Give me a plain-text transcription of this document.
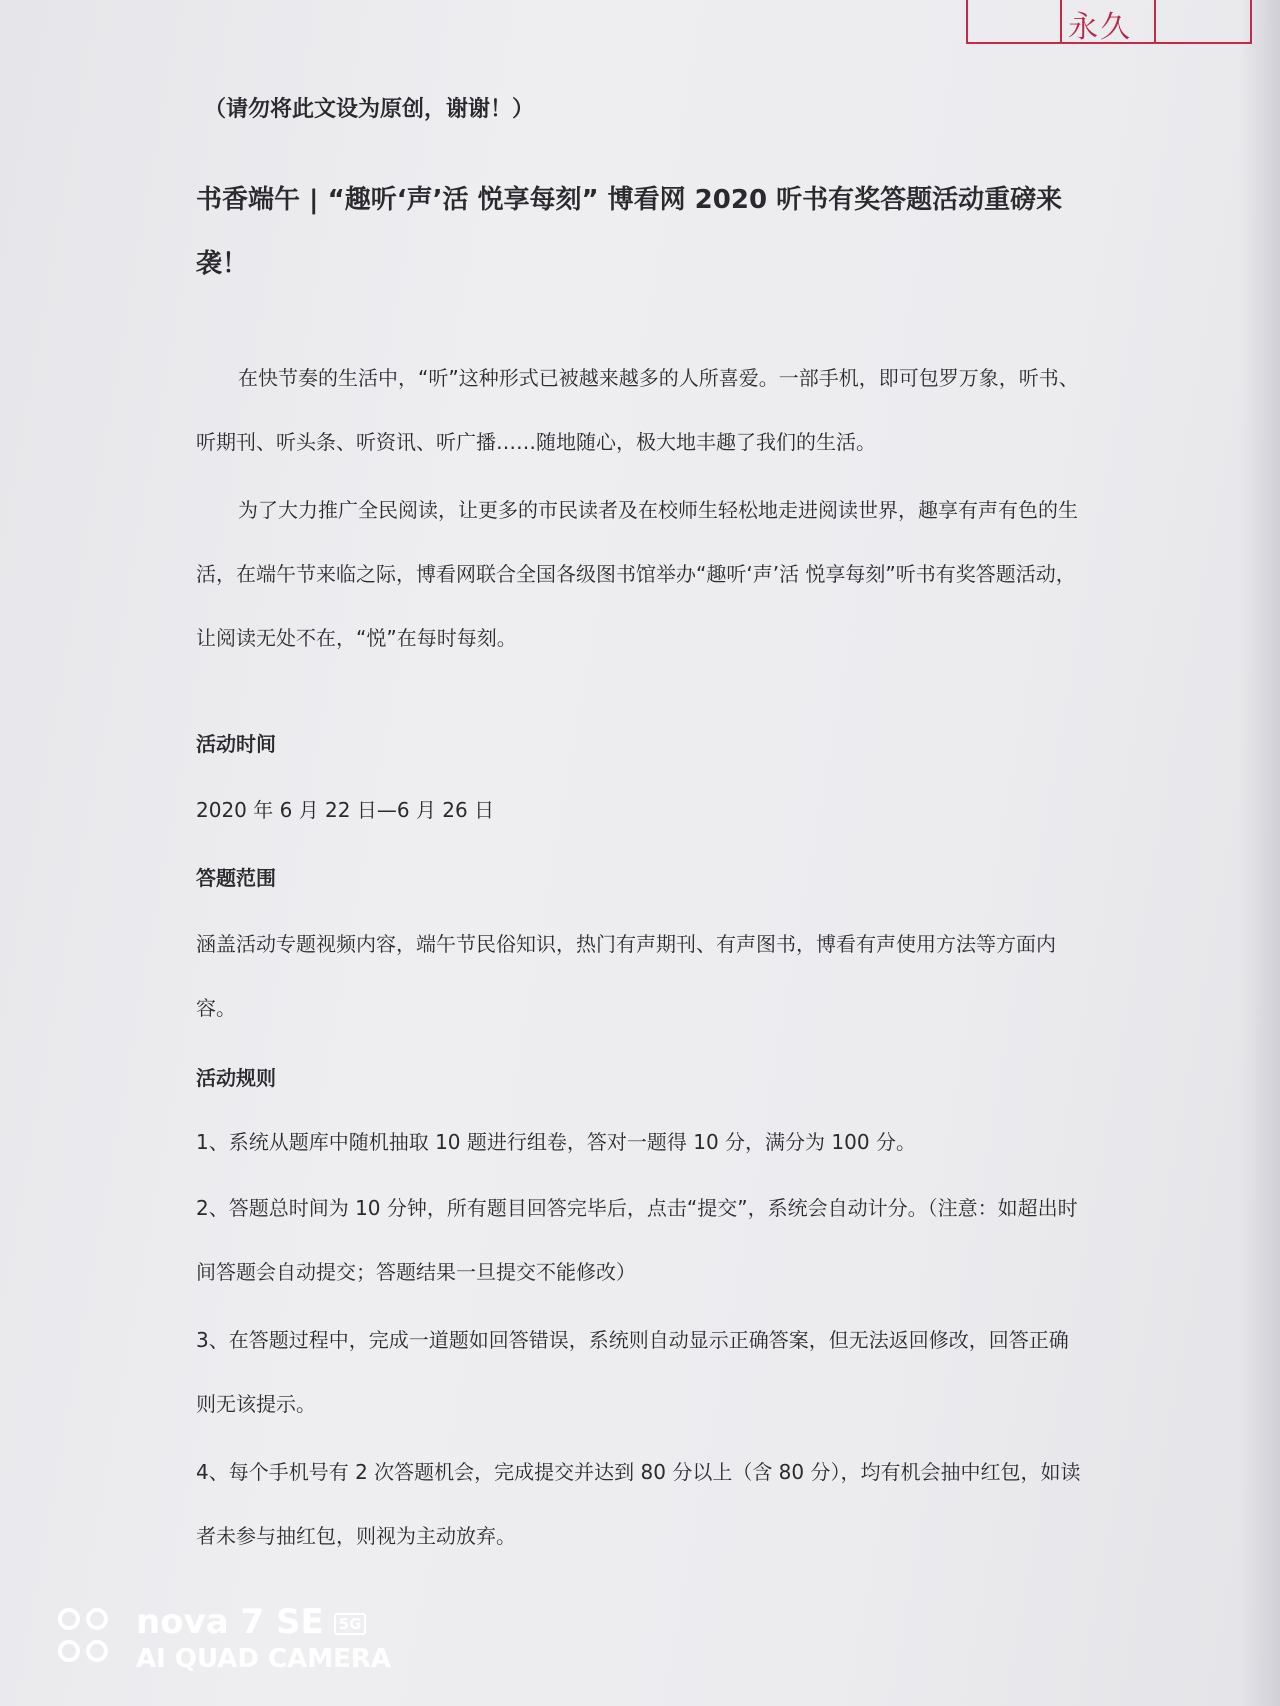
永久
（请勿将此文设为原创，谢谢！）
书香端午 | “趣听‘声’活 悦享每刻” 博看网 2020 听书有奖答题活动重磅来袭！
在快节奏的生活中，“听”这种形式已被越来越多的人所喜爱。一部手机，即可包罗万象，听书、听期刊、听头条、听资讯、听广播……随地随心，极大地丰趣了我们的生活。
为了大力推广全民阅读，让更多的市民读者及在校师生轻松地走进阅读世界，趣享有声有色的生活，在端午节来临之际，博看网联合全国各级图书馆举办“趣听‘声’活 悦享每刻”听书有奖答题活动，让阅读无处不在，“悦”在每时每刻。
活动时间
2020 年 6 月 22 日—6 月 26 日
答题范围
涵盖活动专题视频内容，端午节民俗知识，热门有声期刊、有声图书，博看有声使用方法等方面内容。
活动规则
1、系统从题库中随机抽取 10 题进行组卷，答对一题得 10 分，满分为 100 分。
2、答题总时间为 10 分钟，所有题目回答完毕后，点击“提交”，系统会自动计分。（注意：如超出时间答题会自动提交；答题结果一旦提交不能修改）
3、在答题过程中，完成一道题如回答错误，系统则自动显示正确答案，但无法返回修改，回答正确则无该提示。
4、每个手机号有 2 次答题机会，完成提交并达到 80 分以上（含 80 分），均有机会抽中红包，如读者未参与抽红包，则视为主动放弃。
nova 7 SE 5G
AI QUAD CAMERA
